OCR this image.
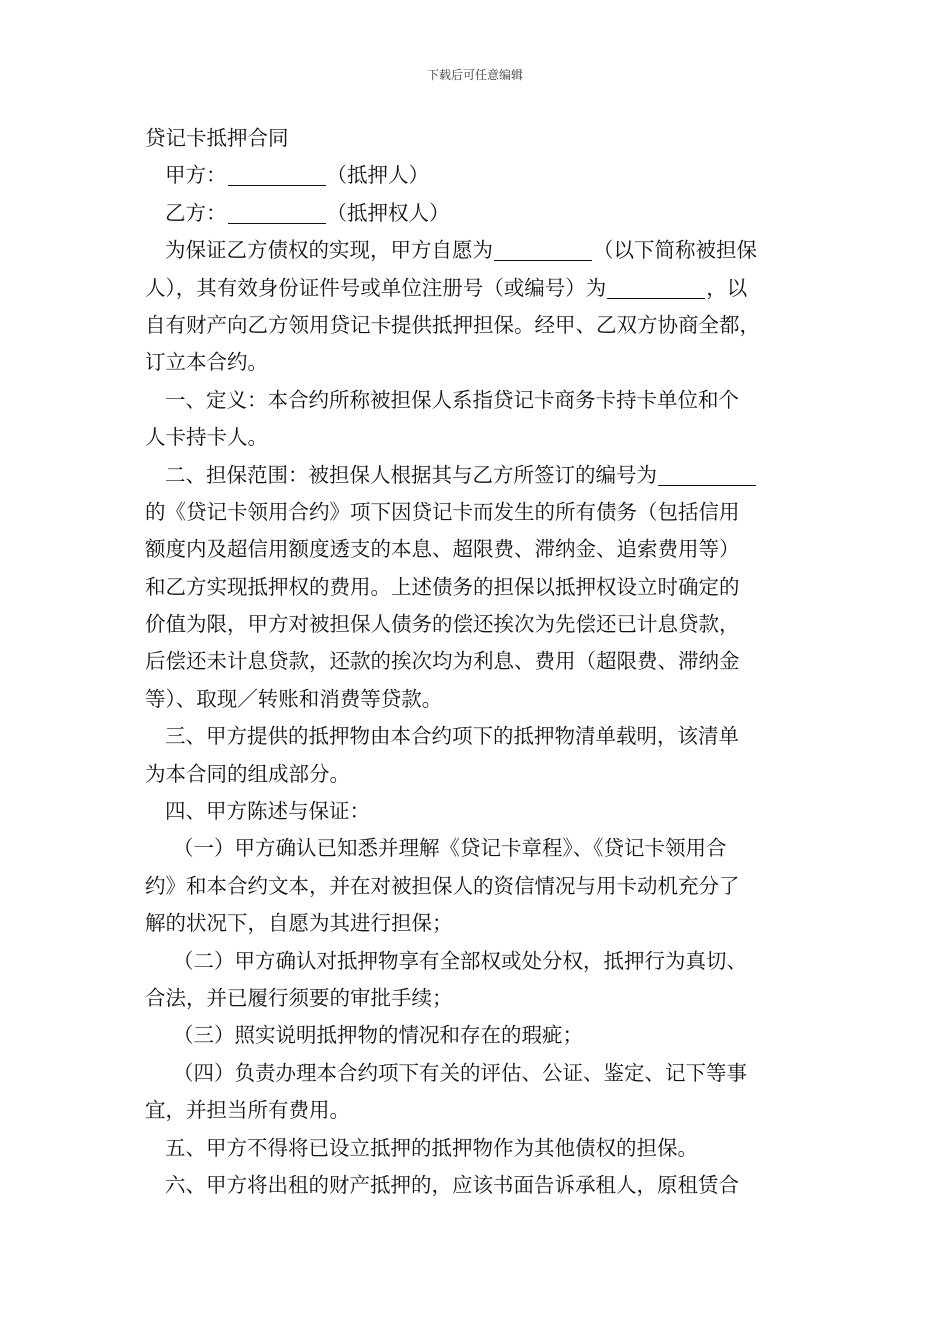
下载后可任意编辑
贷记卡抵押合同
甲方：	（抵押人）
乙方：	（抵押权人）
为保证乙方债权的实现，甲方自愿为	（以下简称被担保
人），其有效身份证件号或单位注册号（或编号）为	，以
自有财产向乙方领用贷记卡提供抵押担保。经甲、乙双方协商全都，
订立本合约。
一、定义：本合约所称被担保人系指贷记卡商务卡持卡单位和个
人卡持卡人。
二、担保范围：被担保人根据其与乙方所签订的编号为
的《贷记卡领用合约》项下因贷记卡而发生的所有债务（包括信用
额度内及超信用额度透支的本息、超限费、滞纳金、追索费用等）
和乙方实现抵押权的费用。上述债务的担保以抵押权设立时确定的
价值为限，甲方对被担保人债务的偿还挨次为先偿还已计息贷款，
后偿还未计息贷款，还款的挨次均为利息、费用（超限费、滞纳金
等）、取现／转账和消费等贷款。
三、甲方提供的抵押物由本合约项下的抵押物清单载明，该清单
为本合同的组成部分。
四、甲方陈述与保证：
（一）甲方确认已知悉并理解《贷记卡章程》、《贷记卡领用合
约》和本合约文本，并在对被担保人的资信情况与用卡动机充分了
解的状况下，自愿为其进行担保；
（二）甲方确认对抵押物享有全部权或处分权，抵押行为真切、
合法，并已履行须要的审批手续；
（三）照实说明抵押物的情况和存在的瑕疵；
（四）负责办理本合约项下有关的评估、公证、鉴定、记下等事
宜，并担当所有费用。
五、甲方不得将已设立抵押的抵押物作为其他债权的担保。
六、甲方将出租的财产抵押的，应该书面告诉承租人，原租赁合
